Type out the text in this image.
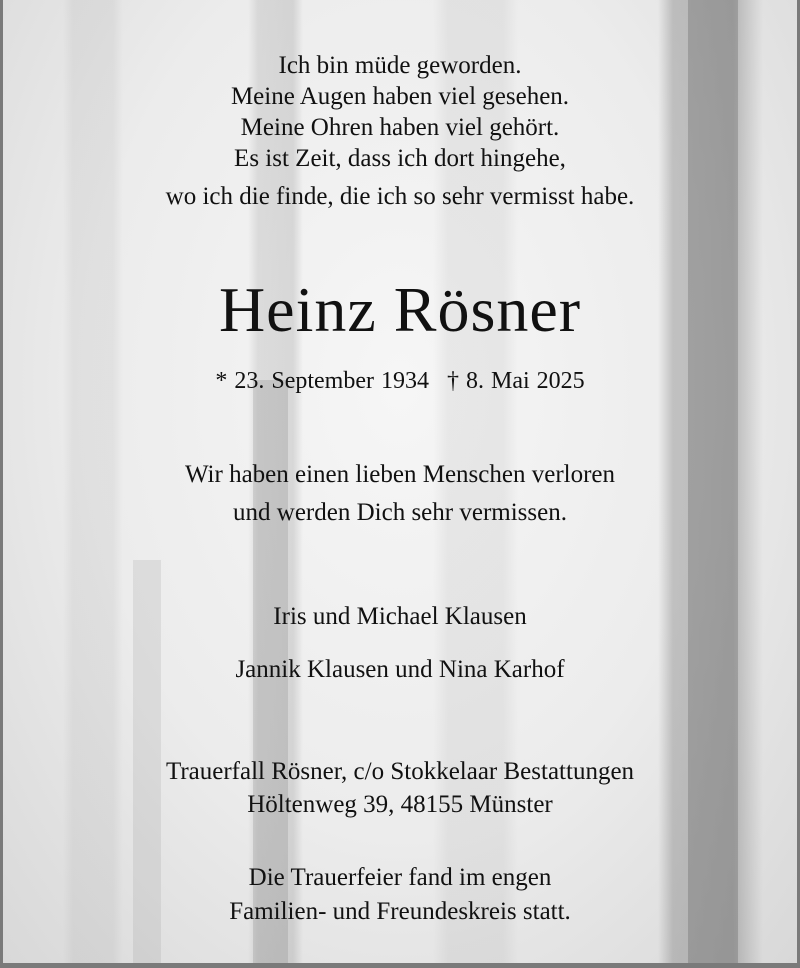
Ich bin müde geworden.
Meine Augen haben viel gesehen.
Meine Ohren haben viel gehört.
Es ist Zeit, dass ich dort hingehe,
wo ich die finde, die ich so sehr vermisst habe.
Heinz Rösner
* 23. September 1934 † 8. Mai 2025
Wir haben einen lieben Menschen verloren
und werden Dich sehr vermissen.
Iris und Michael Klausen
Jannik Klausen und Nina Karhof
Trauerfall Rösner, c/o Stokkelaar Bestattungen
Höltenweg 39, 48155 Münster
Die Trauerfeier fand im engen
Familien- und Freundeskreis statt.
